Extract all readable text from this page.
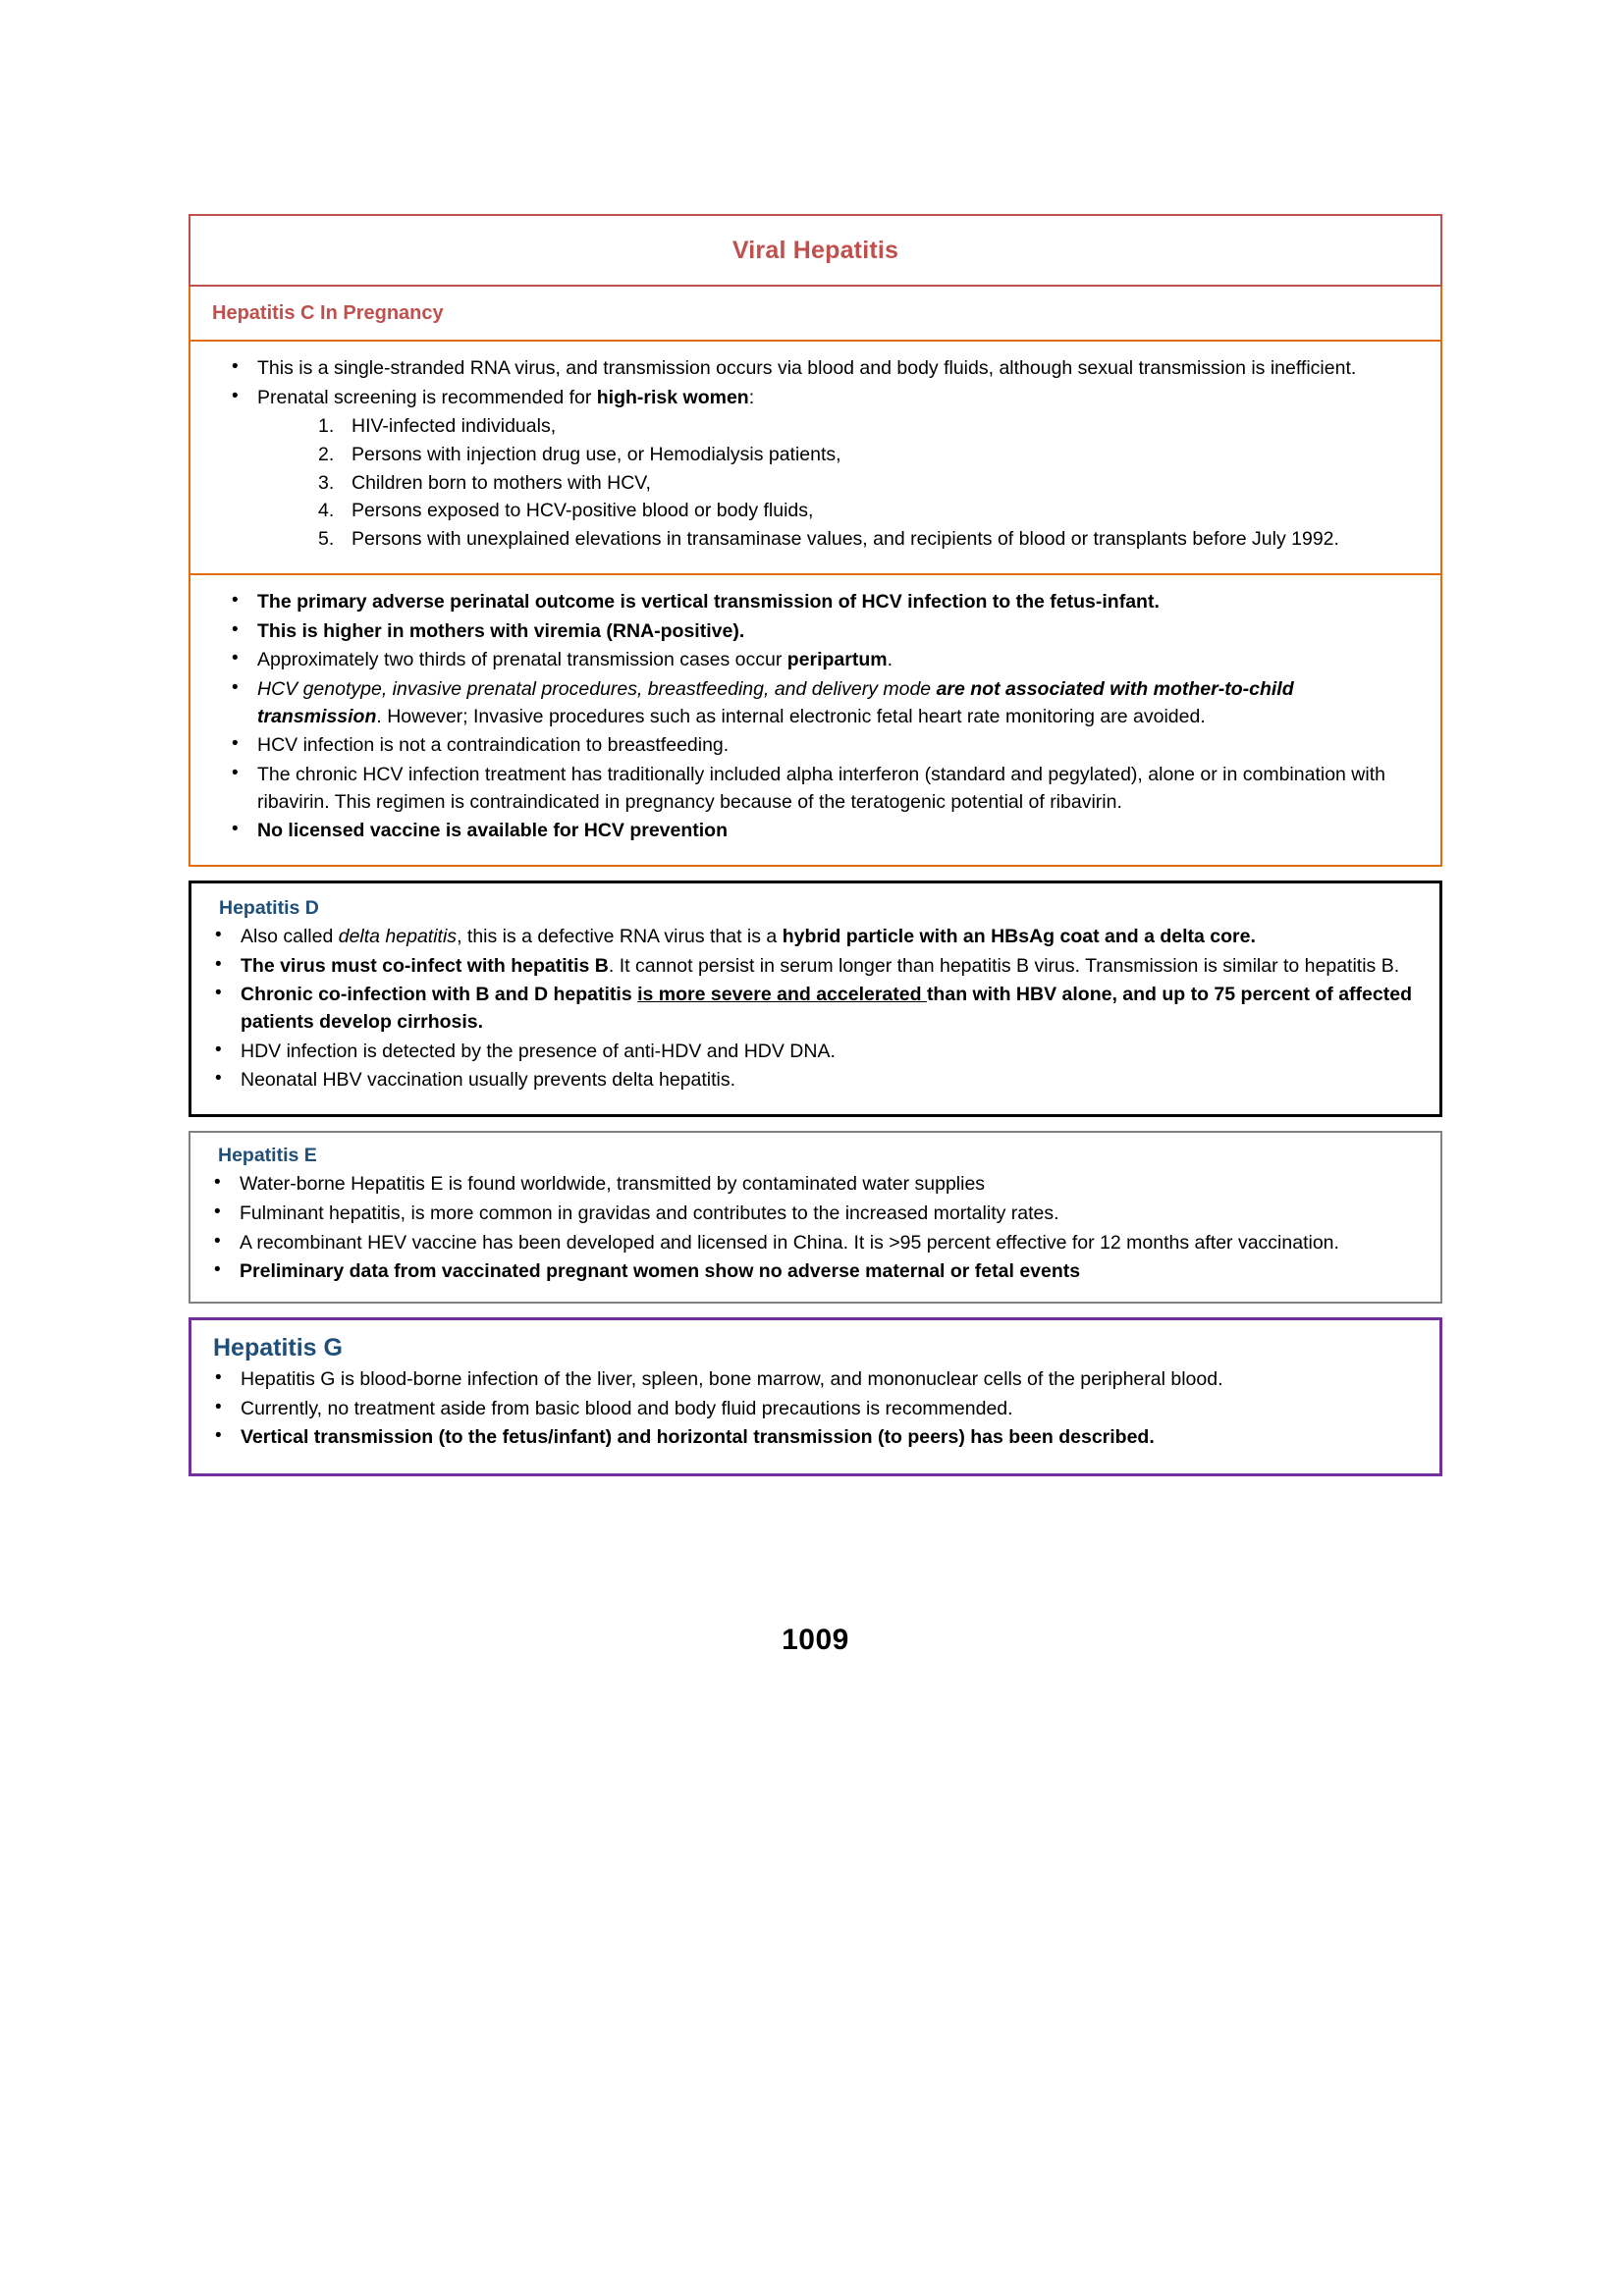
Viral Hepatitis
Hepatitis C In Pregnancy
• This is a single-stranded RNA virus, and transmission occurs via blood and body fluids, although sexual transmission is inefficient.
• Prenatal screening is recommended for high-risk women:
HIV-infected individuals,
Persons with injection drug use, or Hemodialysis patients,
Children born to mothers with HCV,
Persons exposed to HCV-positive blood or body fluids,
Persons with unexplained elevations in transaminase values, and recipients of blood or transplants before July 1992.
• The primary adverse perinatal outcome is vertical transmission of HCV infection to the fetus-infant.
• This is higher in mothers with viremia (RNA-positive).
• Approximately two thirds of prenatal transmission cases occur peripartum.
• HCV genotype, invasive prenatal procedures, breastfeeding, and delivery mode are not associated with mother-to-child transmission. However; Invasive procedures such as internal electronic fetal heart rate monitoring are avoided.
• HCV infection is not a contraindication to breastfeeding.
• The chronic HCV infection treatment has traditionally included alpha interferon (standard and pegylated), alone or in combination with ribavirin. This regimen is contraindicated in pregnancy because of the teratogenic potential of ribavirin.
• No licensed vaccine is available for HCV prevention
Hepatitis D
• Also called delta hepatitis, this is a defective RNA virus that is a hybrid particle with an HBsAg coat and a delta core.
• The virus must co-infect with hepatitis B. It cannot persist in serum longer than hepatitis B virus. Transmission is similar to hepatitis B.
• Chronic co-infection with B and D hepatitis is more severe and accelerated than with HBV alone, and up to 75 percent of affected patients develop cirrhosis.
• HDV infection is detected by the presence of anti-HDV and HDV DNA.
• Neonatal HBV vaccination usually prevents delta hepatitis.
Hepatitis E
• Water-borne Hepatitis E is found worldwide, transmitted by contaminated water supplies
• Fulminant hepatitis, is more common in gravidas and contributes to the increased mortality rates.
• A recombinant HEV vaccine has been developed and licensed in China. It is >95 percent effective for 12 months after vaccination.
• Preliminary data from vaccinated pregnant women show no adverse maternal or fetal events
Hepatitis G
• Hepatitis G is blood-borne infection of the liver, spleen, bone marrow, and mononuclear cells of the peripheral blood.
• Currently, no treatment aside from basic blood and body fluid precautions is recommended.
• Vertical transmission (to the fetus/infant) and horizontal transmission (to peers) has been described.
1009
